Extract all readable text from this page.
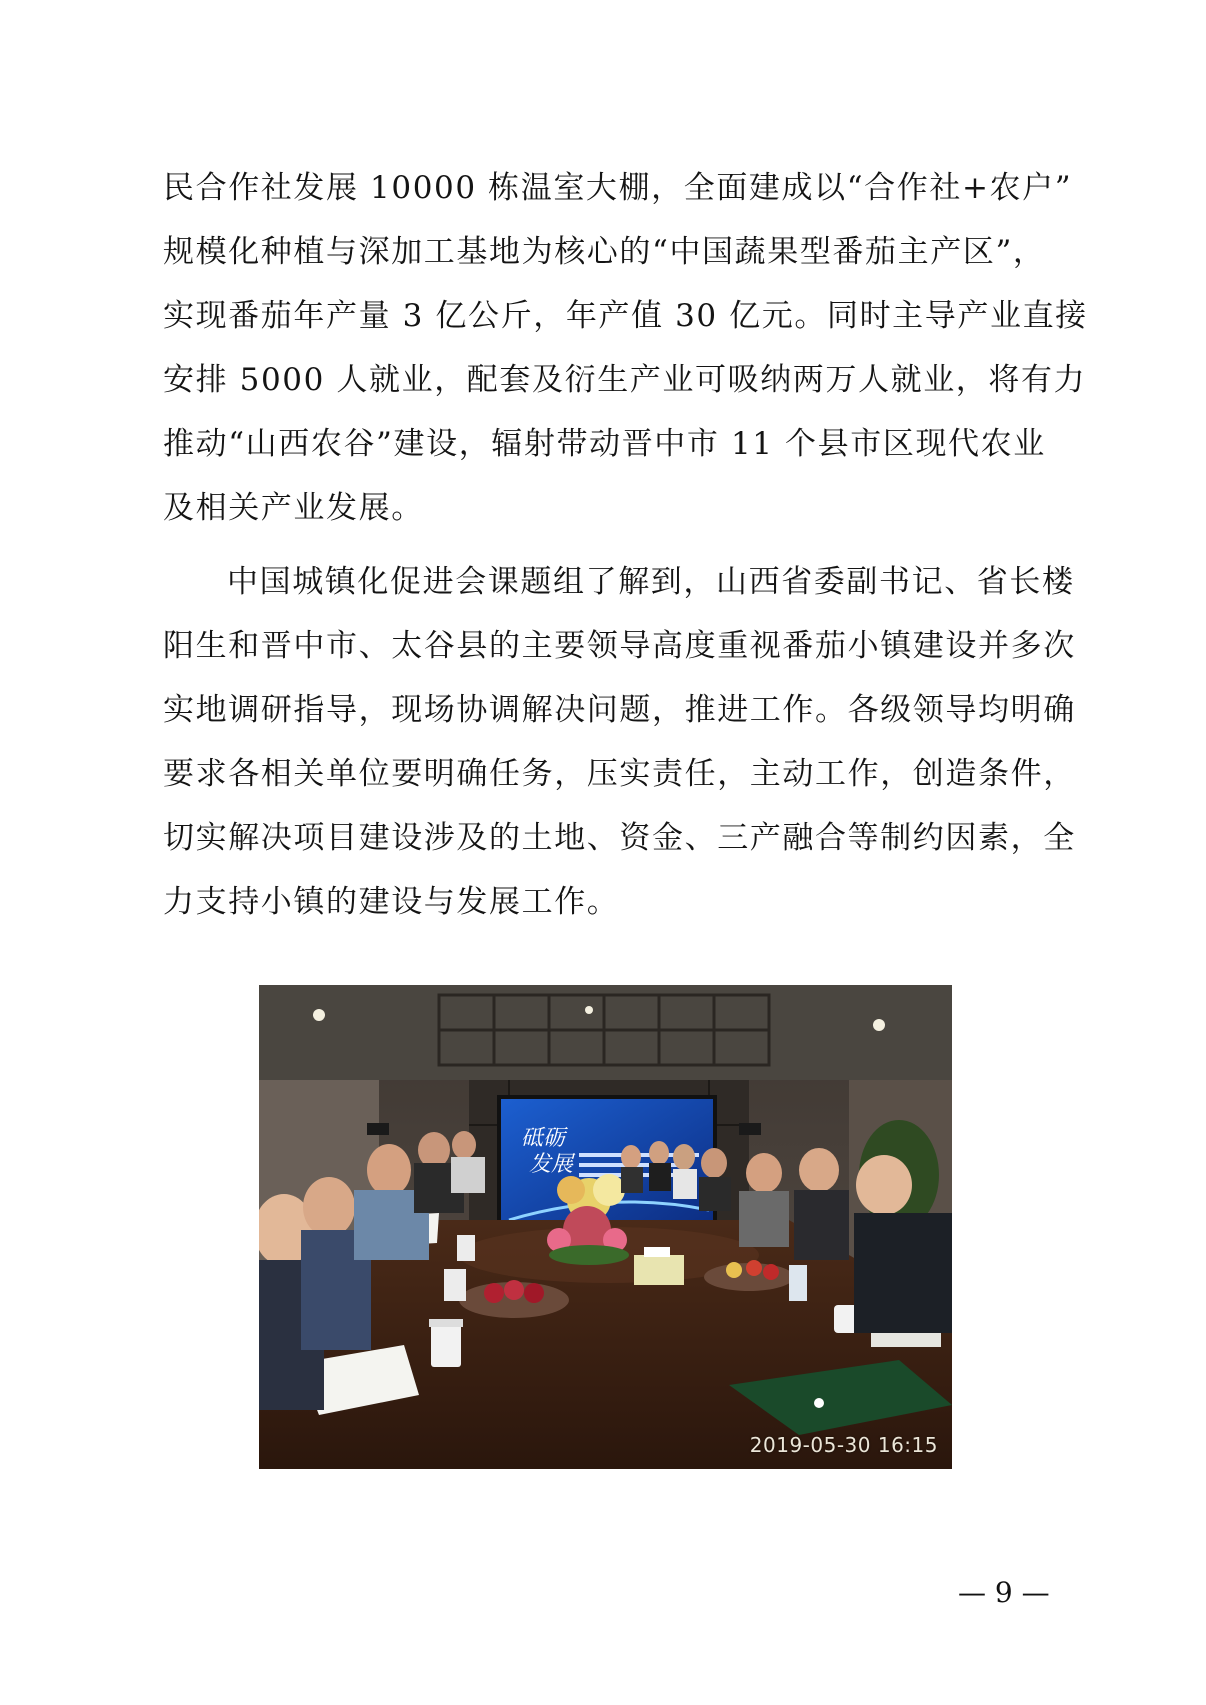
民合作社发展 10000 栋温室大棚，全面建成以“合作社+农户”
规模化种植与深加工基地为核心的“中国蔬果型番茄主产区”，
实现番茄年产量 3 亿公斤，年产值 30 亿元。同时主导产业直接
安排 5000 人就业，配套及衍生产业可吸纳两万人就业，将有力
推动“山西农谷”建设，辐射带动晋中市 11 个县市区现代农业
及相关产业发展。
中国城镇化促进会课题组了解到，山西省委副书记、省长楼
阳生和晋中市、太谷县的主要领导高度重视番茄小镇建设并多次
实地调研指导，现场协调解决问题，推进工作。各级领导均明确
要求各相关单位要明确任务，压实责任，主动工作，创造条件，
切实解决项目建设涉及的土地、资金、三产融合等制约因素，全
力支持小镇的建设与发展工作。
砥砺
发展
2019-05-30 16:15
— 9 —
